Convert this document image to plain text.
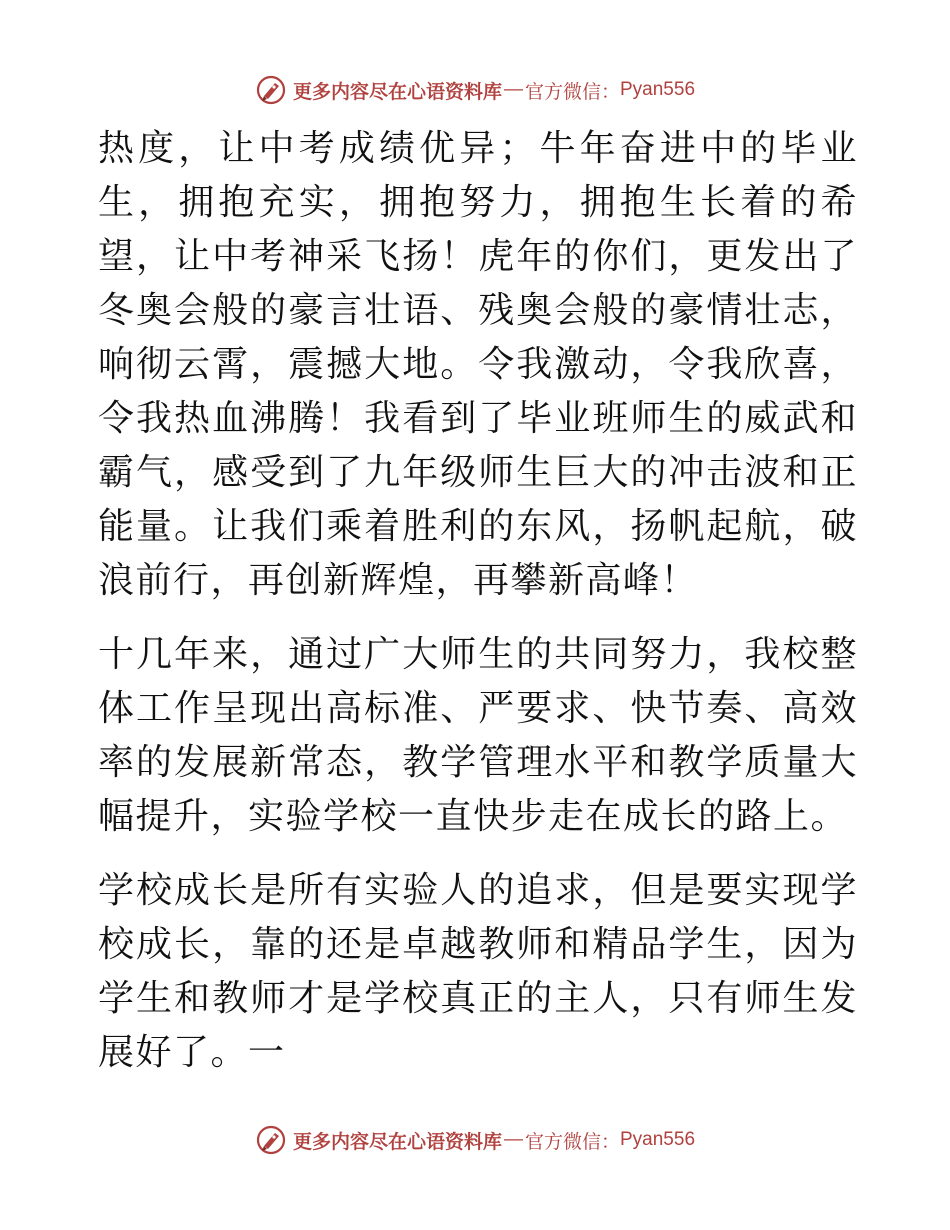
更多内容尽在心语资料库 — 官方微信： Pyan556

热度，让中考成绩优异；牛年奋进中的毕业生，拥抱充实，拥抱努力，拥抱生长着的希望，让中考神采飞扬！虎年的你们，更发出了冬奥会般的豪言壮语、残奥会般的豪情壮志，响彻云霄，震撼大地。令我激动，令我欣喜，令我热血沸腾！我看到了毕业班师生的威武和霸气，感受到了九年级师生巨大的冲击波和正能量。让我们乘着胜利的东风，扬帆起航，破浪前行，再创新辉煌，再攀新高峰！

十几年来，通过广大师生的共同努力，我校整体工作呈现出高标准、严要求、快节奏、高效率的发展新常态，教学管理水平和教学质量大幅提升，实验学校一直快步走在成长的路上。

学校成长是所有实验人的追求，但是要实现学校成长，靠的还是卓越教师和精品学生，因为学生和教师才是学校真正的主人，只有师生发展好了。一

更多内容尽在心语资料库 — 官方微信： Pyan556
